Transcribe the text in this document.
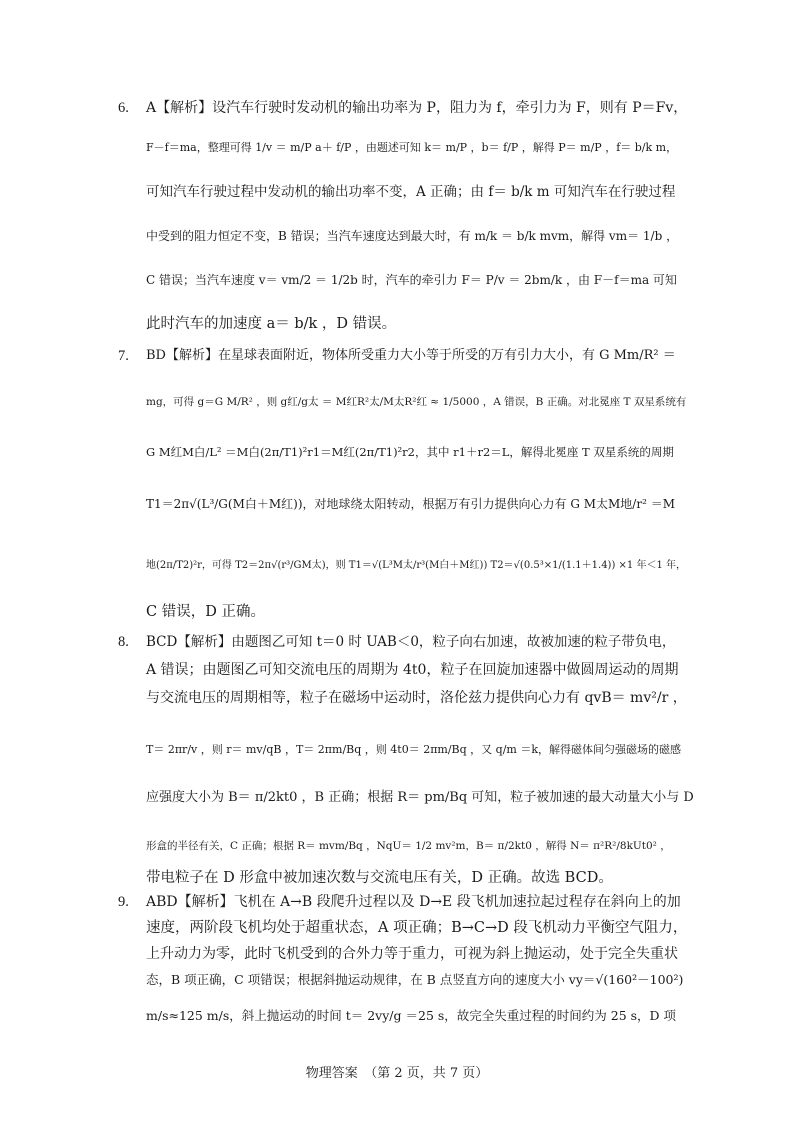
6. A【解析】设汽车行驶时发动机的输出功率为 P，阻力为 f，牵引力为 F，则有 P＝Fv，
F－f＝ma，整理可得 1/v ＝ m/P a＋ f/P ，由题述可知 k＝ m/P ，b＝ f/P ，解得 P＝ m/P ，f＝ b/k m，
可知汽车行驶过程中发动机的输出功率不变，A 正确；由 f＝ b/k m 可知汽车在行驶过程
中受到的阻力恒定不变，B 错误；当汽车速度达到最大时，有 m/k ＝ b/k mvm，解得 vm＝ 1/b ，
C 错误；当汽车速度 v＝ vm/2 ＝ 1/2b 时，汽车的牵引力 F＝ P/v ＝ 2bm/k ，由 F－f＝ma 可知
此时汽车的加速度 a＝ b/k ，D 错误。
7. BD【解析】在星球表面附近，物体所受重力大小等于所受的万有引力大小，有 G Mm/R² ＝
mg，可得 g＝G M/R² ，则 g红/g太 ＝ M红R²太/M太R²红 ≈ 1/5000 ，A 错误，B 正确。对北冕座 T 双星系统有
G M红M白/L² ＝M白(2π/T1)²r1＝M红(2π/T1)²r2，其中 r1＋r2＝L，解得北冕座 T 双星系统的周期
T1＝2π√(L³/G(M白＋M红))，对地球绕太阳转动，根据万有引力提供向心力有 G M太M地/r² ＝M
地(2π/T2)²r，可得 T2＝2π√(r³/GM太)，则 T1＝√(L³M太/r³(M白＋M红)) T2＝√(0.5³×1/(1.1＋1.4)) ×1 年＜1 年，
C 错误，D 正确。
8. BCD【解析】由题图乙可知 t＝0 时 UAB＜0，粒子向右加速，故被加速的粒子带负电，
A 错误；由题图乙可知交流电压的周期为 4t0，粒子在回旋加速器中做圆周运动的周期
与交流电压的周期相等，粒子在磁场中运动时，洛伦兹力提供向心力有 qvB＝ mv²/r ，
T＝ 2πr/v ，则 r＝ mv/qB ，T＝ 2πm/Bq ，则 4t0＝ 2πm/Bq ，又 q/m ＝k，解得磁体间匀强磁场的磁感
应强度大小为 B＝ π/2kt0 ，B 正确；根据 R＝ pm/Bq 可知，粒子被加速的最大动量大小与 D
形盒的半径有关，C 正确；根据 R＝ mvm/Bq ，NqU＝ 1/2 mv²m，B＝ π/2kt0 ，解得 N＝ π²R²/8kUt0² ，
带电粒子在 D 形盒中被加速次数与交流电压有关，D 正确。故选 BCD。
9. ABD【解析】飞机在 A→B 段爬升过程以及 D→E 段飞机加速拉起过程存在斜向上的加
速度，两阶段飞机均处于超重状态，A 项正确；B→C→D 段飞机动力平衡空气阻力，
上升动力为零，此时飞机受到的合外力等于重力，可视为斜上抛运动，处于完全失重状
态，B 项正确，C 项错误；根据斜抛运动规律，在 B 点竖直方向的速度大小 vy＝√(160²－100²)
m/s≈125 m/s，斜上抛运动的时间 t＝ 2vy/g ＝25 s，故完全失重过程的时间约为 25 s，D 项
物理答案　（第 2 页，共 7 页）
